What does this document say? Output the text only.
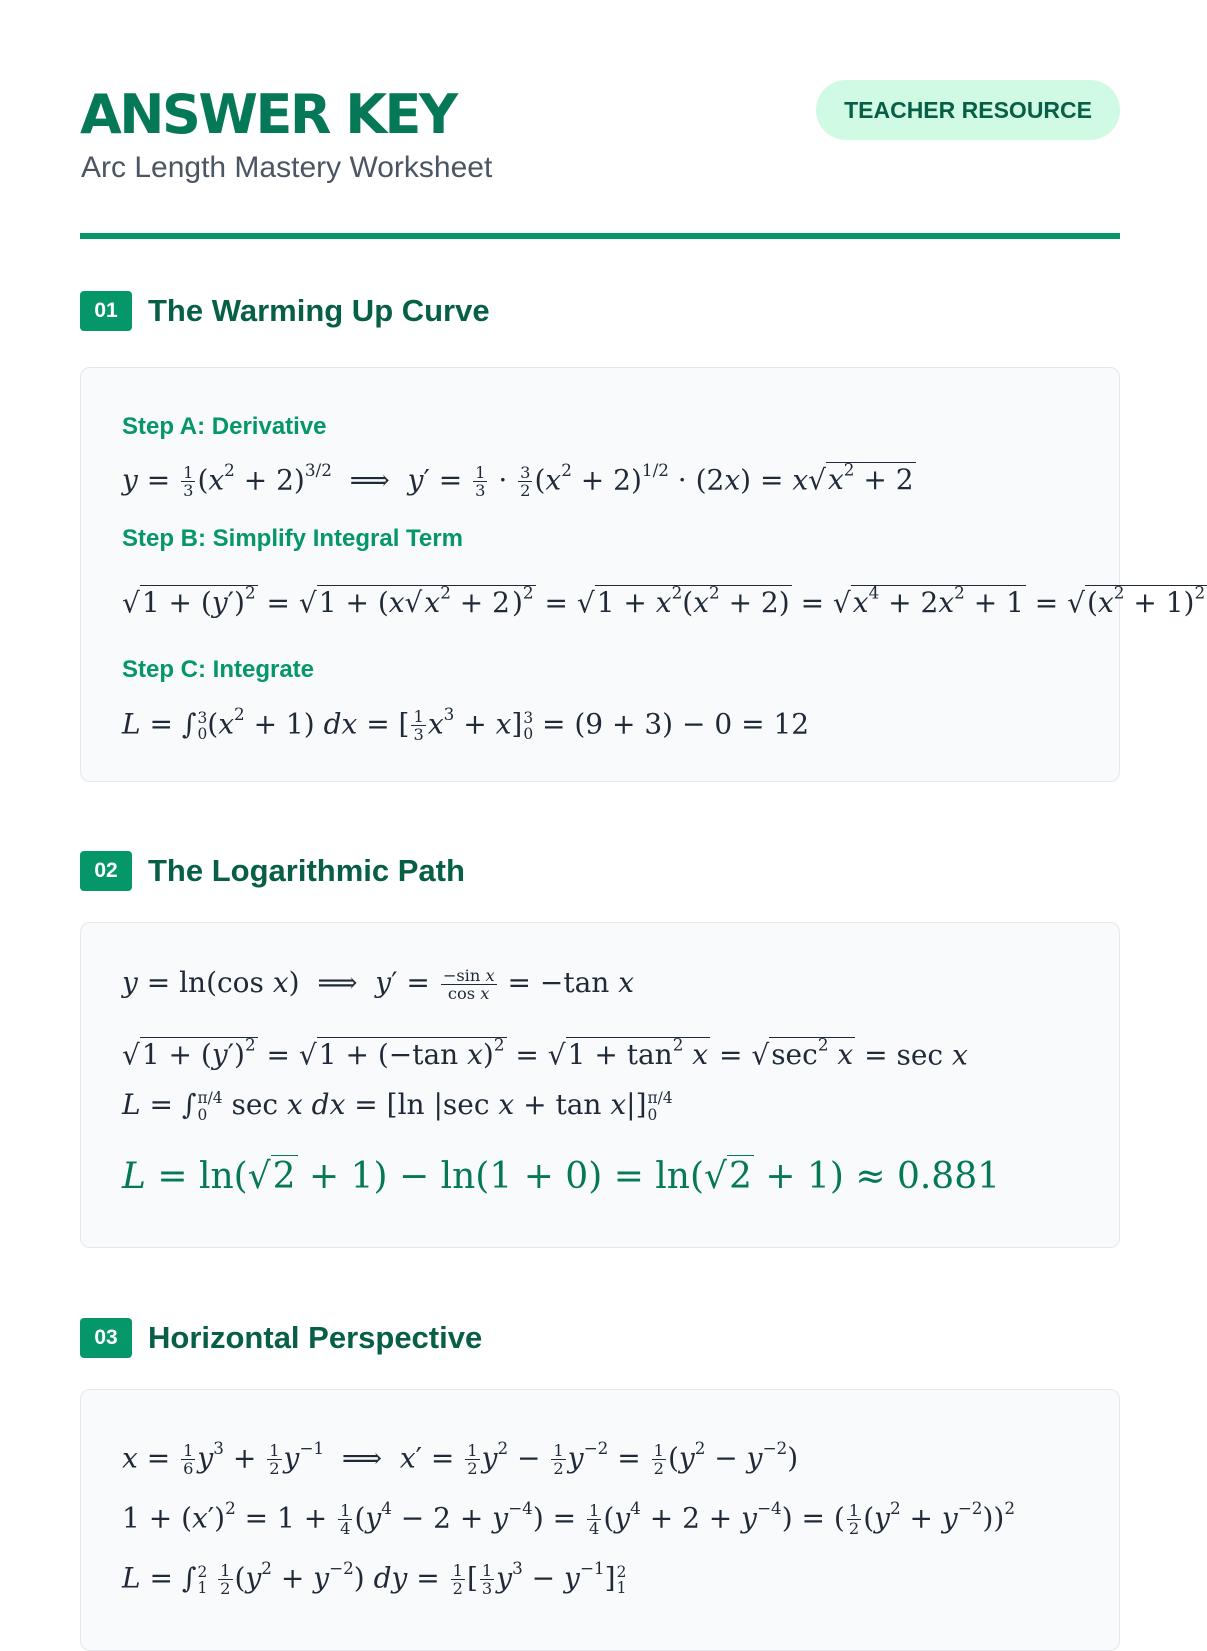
ANSWER KEY
Arc Length Mastery Worksheet
TEACHER RESOURCE
01 The Warming Up Curve
Step A: Derivative
$y = \frac{1}{3} (x^2 + 2)^{3/2}$  ⟹  $y' = \frac{1}{3} \cdot \frac{3}{2} (x^2 + 2)^{1/2} \cdot (2x) = x√x^2 + 2$
Step B: Simplify Integral Term
$√1 + (y')^2 = √1 + (x√x^2 + 2)^2 = √1 + x^2(x^2 + 2) = √x^4 + 2x^2 + 1 = √(x^2 + 1)^2$
Step C: Integrate
L = ∫ 3
0 $(x^2 + 1)$ dx = [ $\frac{1}{3} x^3 + x$] 3
0 = (9 + 3) − 0 = 12
02 The Logarithmic Path
y = ln(cos x)  ⟹  $y' = \frac{\text{−sin x}}{\text{cos x}} = -\tan$ x
$√1 + (y')^2 = √1 + (-\tan$ $x)^2 = √1 + \tan^2 x = √\sec^2$ x = sec x
L = ∫ π/4
0 sec x dx = [ln |sec x + tan x|] π/4
0
L = ln(√2 + 1) − ln(1 + 0) = ln(√2 + 1) ≈ 0.881
03 Horizontal Perspective
$x = \frac{1}{6} y^3 + \frac{1}{2} y^{-1}$  ⟹  $x' = \frac{1}{2} y^2 - \frac{1}{2} y^{-2} = \frac{1}{2} (y^2 - y^{-2})$
$1 + (x')^2 = 1 + \frac{1}{4} (y^4 - 2 + y^{-4}) = \frac{1}{4} (y^4 + 2 + y^{-4})$ = ( $\frac{1}{2} (y^2 + y^{-2}))^2$
L = ∫ 2
1
$\frac{1}{2} (y^2 + y^{-2})$ dy = $\frac{1}{2}$ [ $\frac{1}{3} y^3 - y^{-1}$] 2
1
